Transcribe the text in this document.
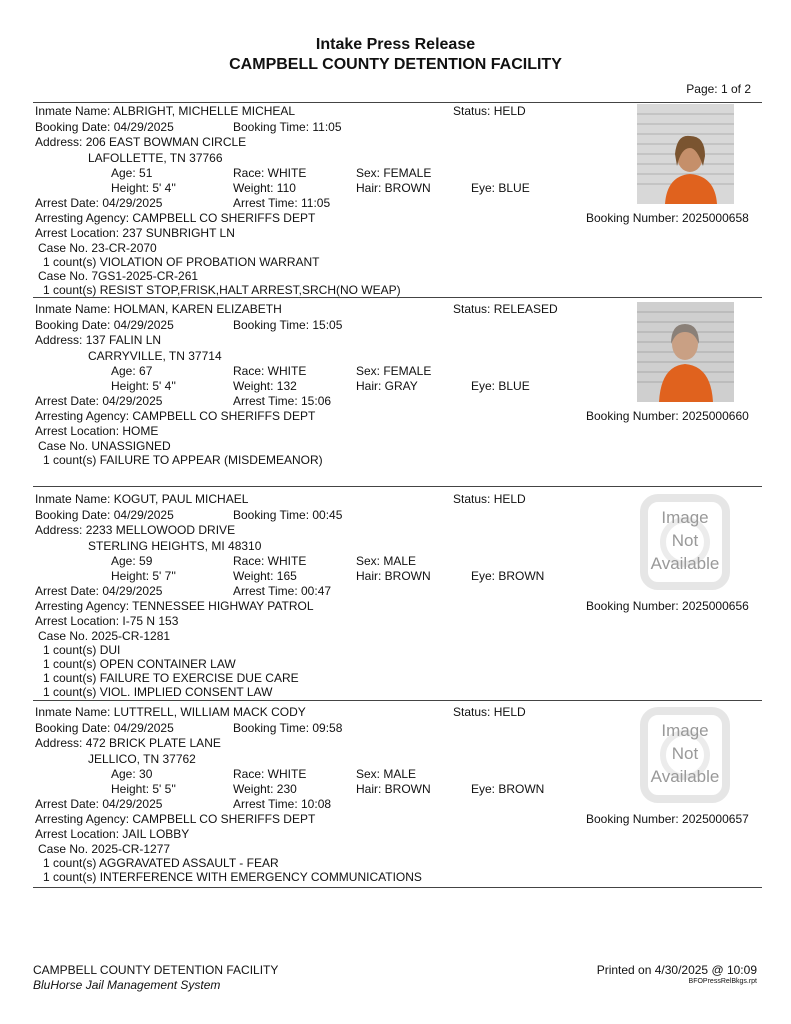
Intake Press Release
CAMPBELL COUNTY DETENTION FACILITY
Page: 1 of 2
Inmate Name: ALBRIGHT, MICHELLE MICHEAL	Status: HELD
Booking Date: 04/29/2025	Booking Time: 11:05
Address: 206 EAST BOWMAN CIRCLE
LAFOLLETTE, TN 37766
Age: 51	Race: WHITE	Sex: FEMALE
Height: 5' 4''	Weight: 110	Hair: BROWN	Eye: BLUE
Arrest Date: 04/29/2025	Arrest Time: 11:05
Arresting Agency: CAMPBELL CO SHERIFFS DEPT	Booking Number: 2025000658
Arrest Location: 237 SUNBRIGHT LN
Case No. 23-CR-2070
1 count(s) VIOLATION OF PROBATION WARRANT
Case No. 7GS1-2025-CR-261
1 count(s) RESIST STOP,FRISK,HALT ARREST,SRCH(NO WEAP)
Inmate Name: HOLMAN, KAREN ELIZABETH	Status: RELEASED
Booking Date: 04/29/2025	Booking Time: 15:05
Address: 137 FALIN LN
CARRYVILLE, TN 37714
Age: 67	Race: WHITE	Sex: FEMALE
Height: 5' 4''	Weight: 132	Hair: GRAY	Eye: BLUE
Arrest Date: 04/29/2025	Arrest Time: 15:06
Arresting Agency: CAMPBELL CO SHERIFFS DEPT	Booking Number: 2025000660
Arrest Location: HOME
Case No. UNASSIGNED
1 count(s) FAILURE TO APPEAR (MISDEMEANOR)
Inmate Name: KOGUT, PAUL MICHAEL	Status: HELD
Booking Date: 04/29/2025	Booking Time: 00:45
Address: 2233 MELLOWOOD DRIVE
STERLING HEIGHTS, MI 48310
Age: 59	Race: WHITE	Sex: MALE
Height: 5' 7''	Weight: 165	Hair: BROWN	Eye: BROWN
Arrest Date: 04/29/2025	Arrest Time: 00:47
Arresting Agency: TENNESSEE HIGHWAY PATROL	Booking Number: 2025000656
Arrest Location: I-75 N 153
Case No. 2025-CR-1281
1 count(s) DUI
1 count(s) OPEN CONTAINER LAW
1 count(s) FAILURE TO EXERCISE DUE CARE
1 count(s) VIOL. IMPLIED CONSENT LAW
Image
Not
Available
Inmate Name: LUTTRELL, WILLIAM MACK CODY	Status: HELD
Booking Date: 04/29/2025	Booking Time: 09:58
Address: 472 BRICK PLATE LANE
JELLICO, TN 37762
Age: 30	Race: WHITE	Sex: MALE
Height: 5' 5''	Weight: 230	Hair: BROWN	Eye: BROWN
Arrest Date: 04/29/2025	Arrest Time: 10:08
Arresting Agency: CAMPBELL CO SHERIFFS DEPT	Booking Number: 2025000657
Arrest Location: JAIL LOBBY
Case No. 2025-CR-1277
1 count(s) AGGRAVATED ASSAULT - FEAR
1 count(s) INTERFERENCE WITH EMERGENCY COMMUNICATIONS
Image
Not
Available
CAMPBELL COUNTY DETENTION FACILITY
BluHorse Jail Management System
Printed on 4/30/2025 @ 10:09
BFOPressRelBkgs.rpt
